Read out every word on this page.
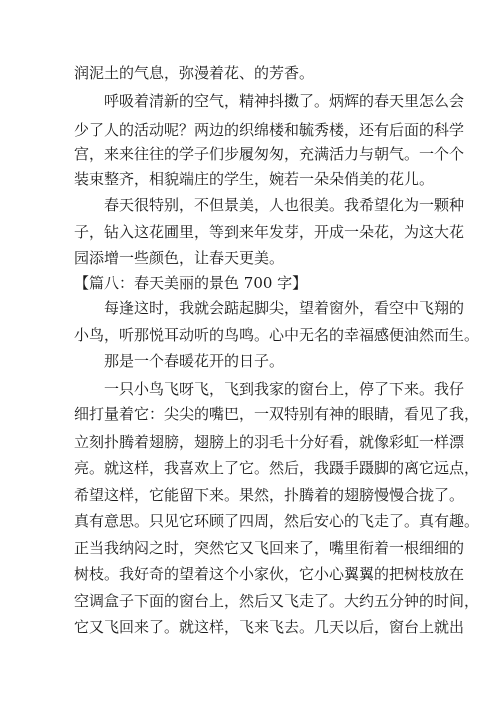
润泥土的气息，弥漫着花、的芳香。
呼吸着清新的空气，精神抖擞了。炳辉的春天里怎么会
少了人的活动呢？两边的织绵楼和毓秀楼，还有后面的科学
宫，来来往往的学子们步履匆匆，充满活力与朝气。一个个
装束整齐，相貌端庄的学生，婉若一朵朵俏美的花儿。
春天很特别，不但景美，人也很美。我希望化为一颗种
子，钻入这花圃里，等到来年发芽，开成一朵花，为这大花
园添增一些颜色，让春天更美。
【篇八：春天美丽的景色 700 字】
每逢这时，我就会踮起脚尖，望着窗外，看空中飞翔的
小鸟，听那悦耳动听的鸟鸣。心中无名的幸福感便油然而生。
那是一个春暖花开的日子。
一只小鸟飞呀飞，飞到我家的窗台上，停了下来。我仔
细打量着它：尖尖的嘴巴，一双特别有神的眼睛，看见了我，
立刻扑腾着翅膀，翅膀上的羽毛十分好看，就像彩虹一样漂
亮。就这样，我喜欢上了它。然后，我蹑手蹑脚的离它远点，
希望这样，它能留下来。果然，扑腾着的翅膀慢慢合拢了。
真有意思。只见它环顾了四周，然后安心的飞走了。真有趣。
正当我纳闷之时，突然它又飞回来了，嘴里衔着一根细细的
树枝。我好奇的望着这个小家伙，它小心翼翼的把树枝放在
空调盒子下面的窗台上，然后又飞走了。大约五分钟的时间，
它又飞回来了。就这样，飞来飞去。几天以后，窗台上就出
